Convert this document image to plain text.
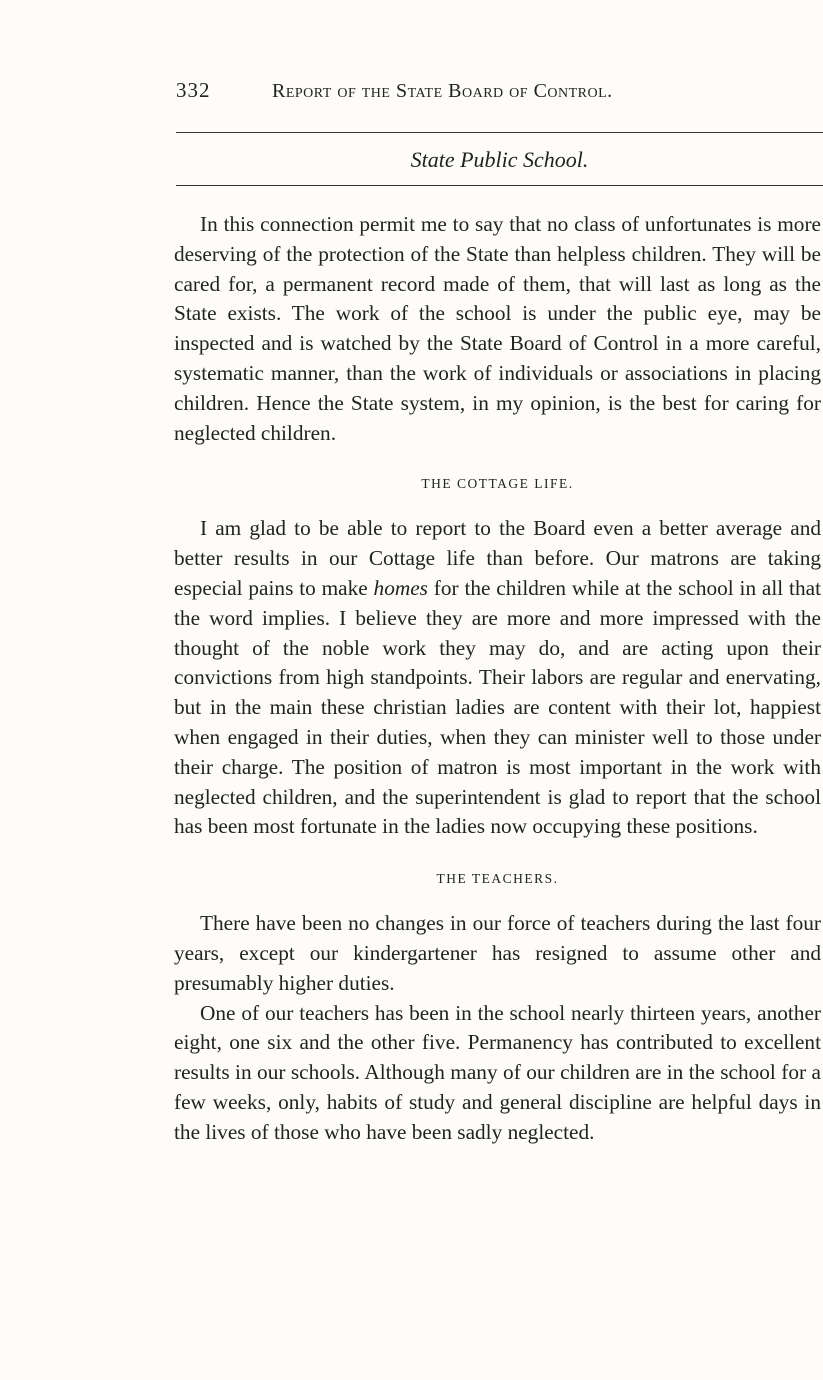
332	Report of the State Board of Control.
State Public School.

In this connection permit me to say that no class of unfortunates is more deserving of the protection of the State than helpless children. They will be cared for, a permanent record made of them, that will last as long as the State exists. The work of the school is under the public eye, may be inspected and is watched by the State Board of Control in a more careful, systematic manner, than the work of individuals or associations in placing children. Hence the State system, in my opinion, is the best for caring for neglected children.

THE COTTAGE LIFE.

I am glad to be able to report to the Board even a better average and better results in our Cottage life than before. Our matrons are taking especial pains to make homes for the children while at the school in all that the word implies. I believe they are more and more impressed with the thought of the noble work they may do, and are acting upon their convictions from high standpoints. Their labors are regular and enervating, but in the main these christian ladies are content with their lot, happiest when engaged in their duties, when they can minister well to those under their charge. The position of matron is most important in the work with neglected children, and the superintendent is glad to report that the school has been most fortunate in the ladies now occupying these positions.

THE TEACHERS.

There have been no changes in our force of teachers during the last four years, except our kindergartener has resigned to assume other and presumably higher duties.

One of our teachers has been in the school nearly thirteen years, another eight, one six and the other five. Permanency has contributed to excellent results in our schools. Although many of our children are in the school for a few weeks, only, habits of study and general discipline are helpful days in the lives of those who have been sadly neglected.
